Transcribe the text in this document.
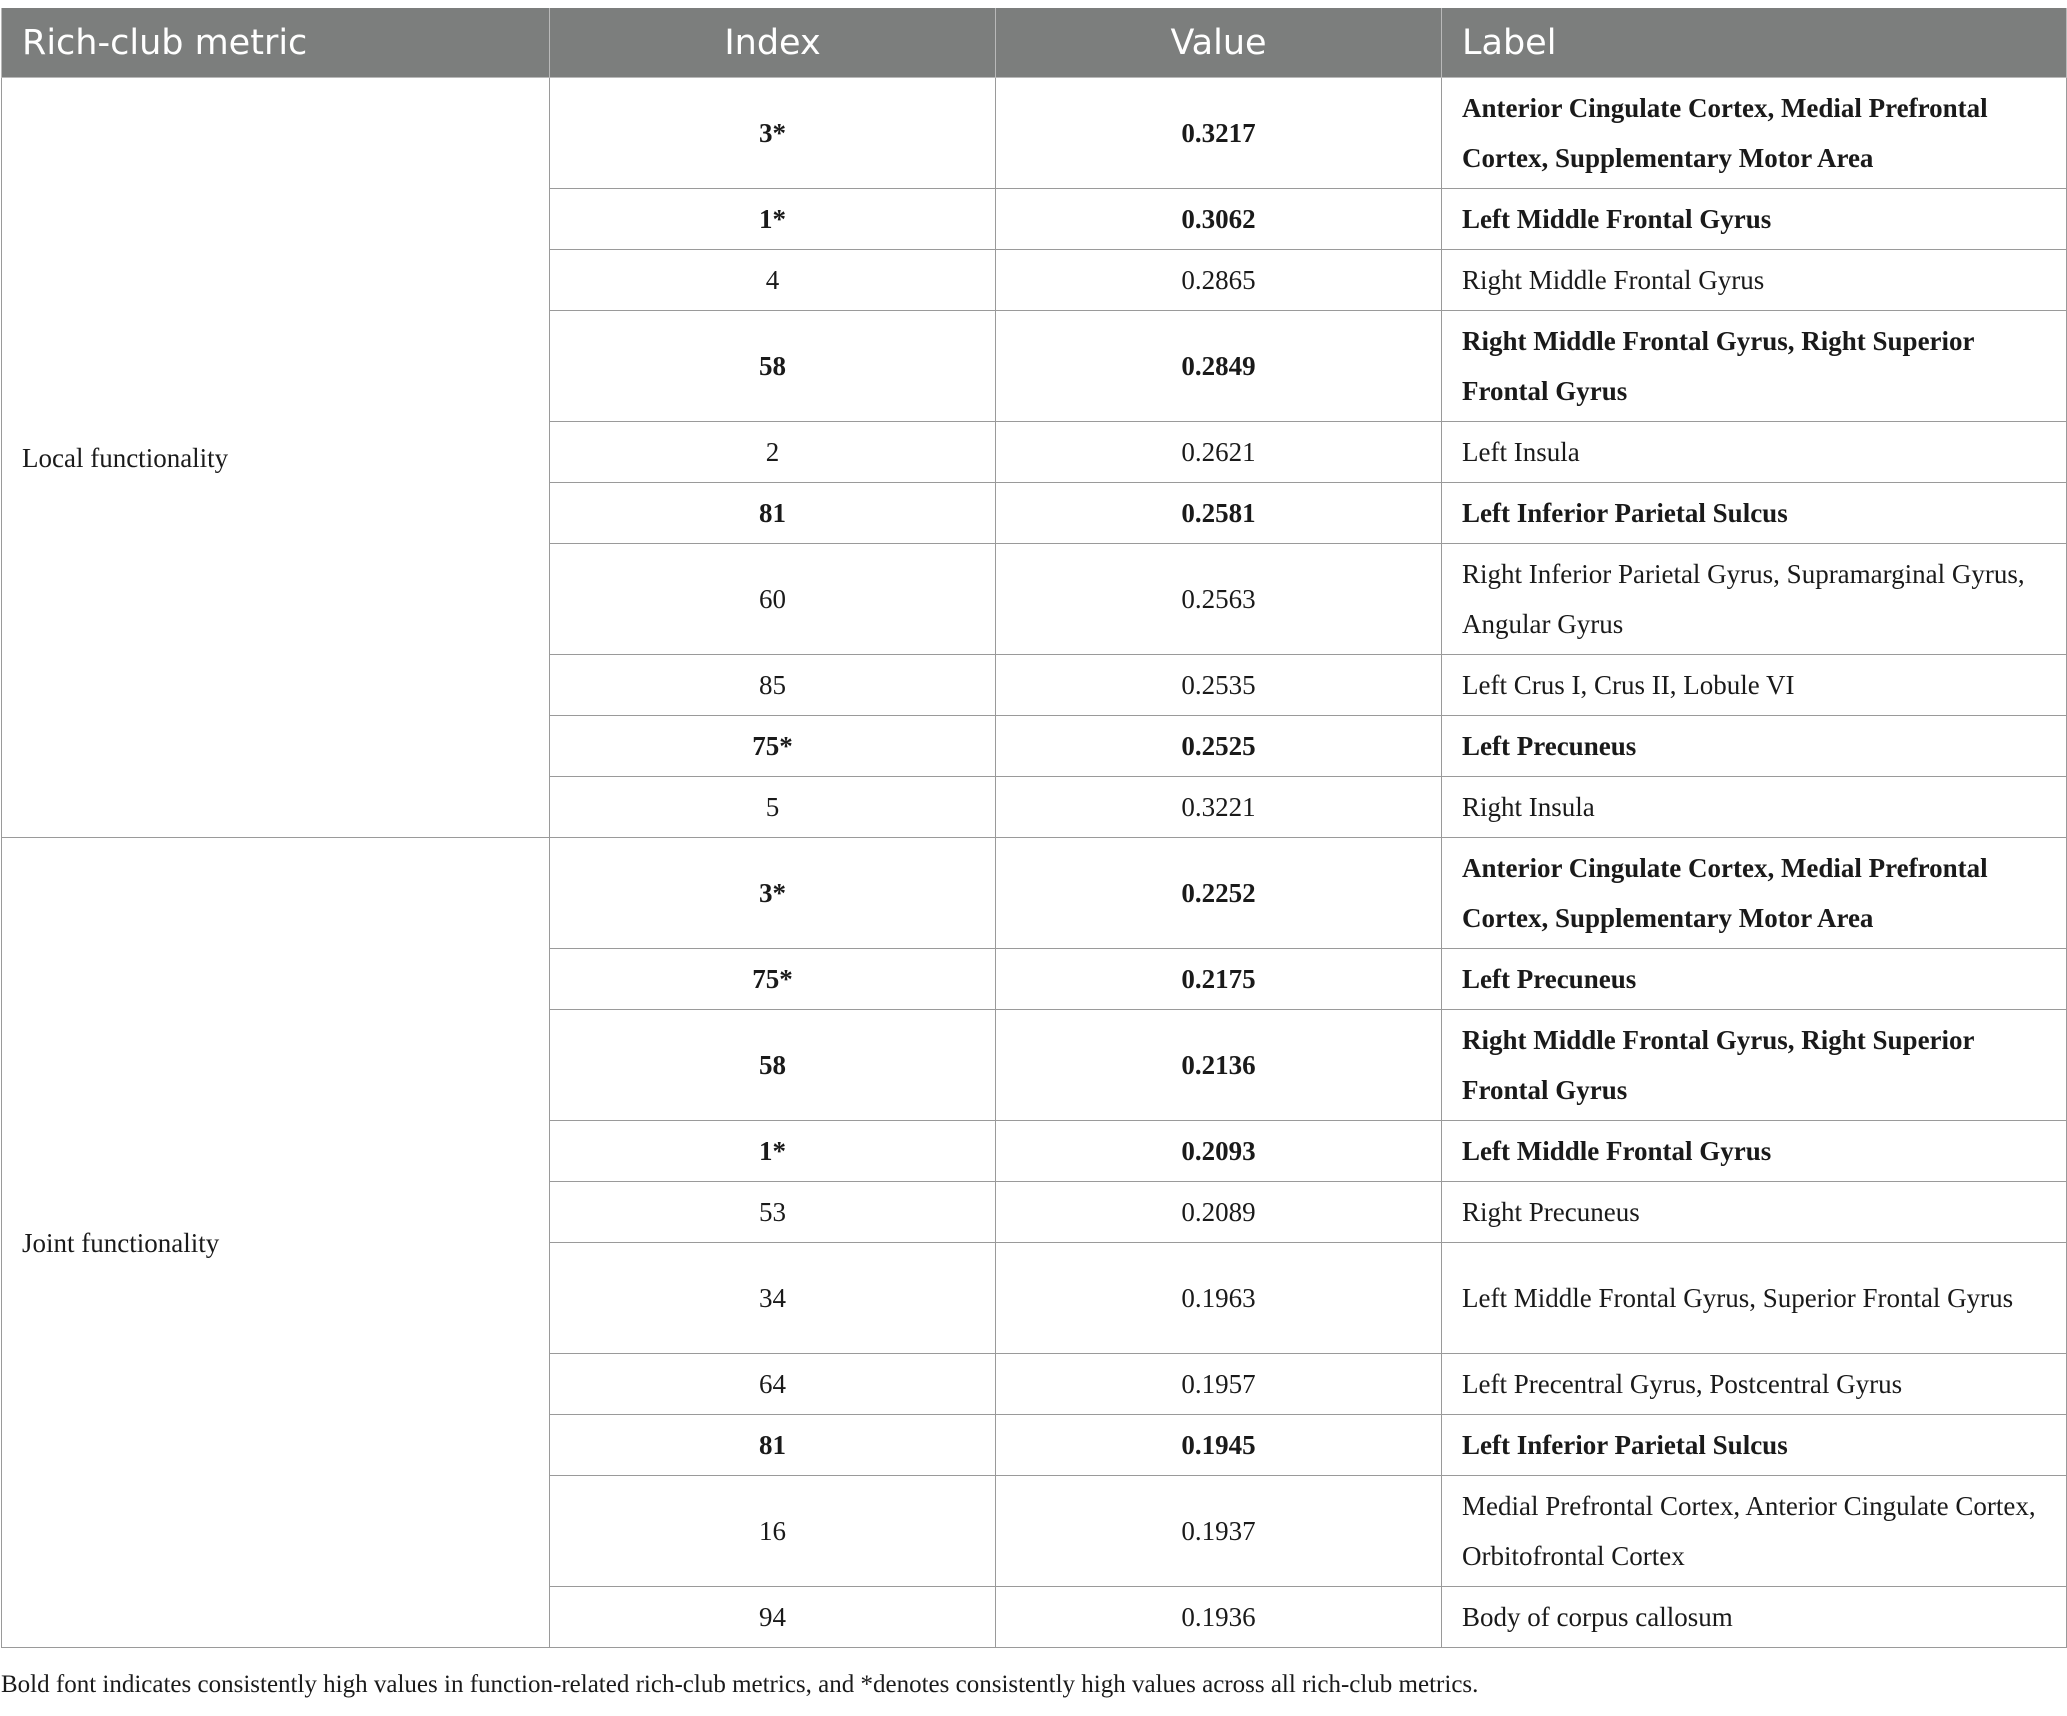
Rich-club metric	Index	Value	Label
Local functionality	3*	0.3217	Anterior Cingulate Cortex, Medial Prefrontal Cortex, Supplementary Motor Area
	1*	0.3062	Left Middle Frontal Gyrus
	4	0.2865	Right Middle Frontal Gyrus
	58	0.2849	Right Middle Frontal Gyrus, Right Superior Frontal Gyrus
	2	0.2621	Left Insula
	81	0.2581	Left Inferior Parietal Sulcus
	60	0.2563	Right Inferior Parietal Gyrus, Supramarginal Gyrus, Angular Gyrus
	85	0.2535	Left Crus I, Crus II, Lobule VI
	75*	0.2525	Left Precuneus
	5	0.3221	Right Insula
Joint functionality	3*	0.2252	Anterior Cingulate Cortex, Medial Prefrontal Cortex, Supplementary Motor Area
	75*	0.2175	Left Precuneus
	58	0.2136	Right Middle Frontal Gyrus, Right Superior Frontal Gyrus
	1*	0.2093	Left Middle Frontal Gyrus
	53	0.2089	Right Precuneus
	34	0.1963	Left Middle Frontal Gyrus, Superior Frontal Gyrus
	64	0.1957	Left Precentral Gyrus, Postcentral Gyrus
	81	0.1945	Left Inferior Parietal Sulcus
	16	0.1937	Medial Prefrontal Cortex, Anterior Cingulate Cortex, Orbitofrontal Cortex
	94	0.1936	Body of corpus callosum
Bold font indicates consistently high values in function-related rich-club metrics, and *denotes consistently high values across all rich-club metrics.
